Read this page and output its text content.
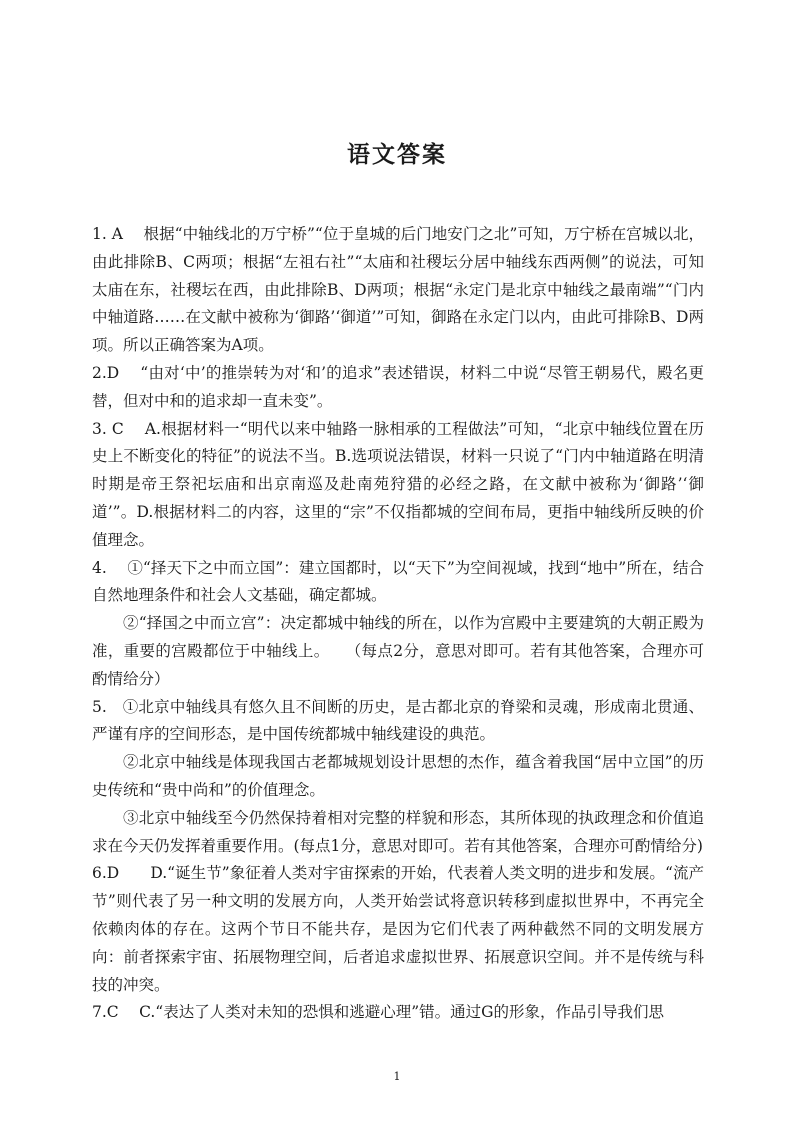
语文答案

1. A　 根据“中轴线北的万宁桥”“位于皇城的后门地安门之北”可知，万宁桥在宫城以北，由此排除B、C两项；根据“左祖右社”“太庙和社稷坛分居中轴线东西两侧”的说法，可知太庙在东，社稷坛在西，由此排除B、D两项；根据“永定门是北京中轴线之最南端”“门内中轴道路……在文献中被称为‘御路’‘御道’”可知，御路在永定门以内，由此可排除B、D两项。所以正确答案为A项。

2.D　 “由对‘中’的推崇转为对‘和’的追求”表述错误，材料二中说“尽管王朝易代，殿名更替，但对中和的追求却一直未变”。

3. C　 A.根据材料一“明代以来中轴路一脉相承的工程做法”可知，“北京中轴线位置在历史上不断变化的特征”的说法不当。B.选项说法错误，材料一只说了“门内中轴道路在明清时期是帝王祭祀坛庙和出京南巡及赴南苑狩猎的必经之路，在文献中被称为‘御路’‘御道’”。D.根据材料二的内容，这里的“宗”不仅指都城的空间布局，更指中轴线所反映的价值理念。

4.　 ①“择天下之中而立国”：建立国都时，以“天下”为空间视域，找到“地中”所在，结合自然地理条件和社会人文基础，确定都城。

②“择国之中而立宫”：决定都城中轴线的所在，以作为宫殿中主要建筑的大朝正殿为准，重要的宫殿都位于中轴线上。　　（每点2分，意思对即可。若有其他答案，合理亦可酌情给分）

5.　①北京中轴线具有悠久且不间断的历史，是古都北京的脊梁和灵魂，形成南北贯通、严谨有序的空间形态，是中国传统都城中轴线建设的典范。

②北京中轴线是体现我国古老都城规划设计思想的杰作，蕴含着我国“居中立国”的历史传统和“贵中尚和”的价值理念。

③北京中轴线至今仍然保持着相对完整的样貌和形态，其所体现的执政理念和价值追求在今天仍发挥着重要作用。(每点1分，意思对即可。若有其他答案，合理亦可酌情给分)

6.D　　D.“诞生节”象征着人类对宇宙探索的开始，代表着人类文明的进步和发展。“流产节”则代表了另一种文明的发展方向，人类开始尝试将意识转移到虚拟世界中，不再完全依赖肉体的存在。这两个节日不能共存，是因为它们代表了两种截然不同的文明发展方向：前者探索宇宙、拓展物理空间，后者追求虚拟世界、拓展意识空间。并不是传统与科技的冲突。

7.C　 C.“表达了人类对未知的恐惧和逃避心理”错。通过G的形象，作品引导我们思

1
